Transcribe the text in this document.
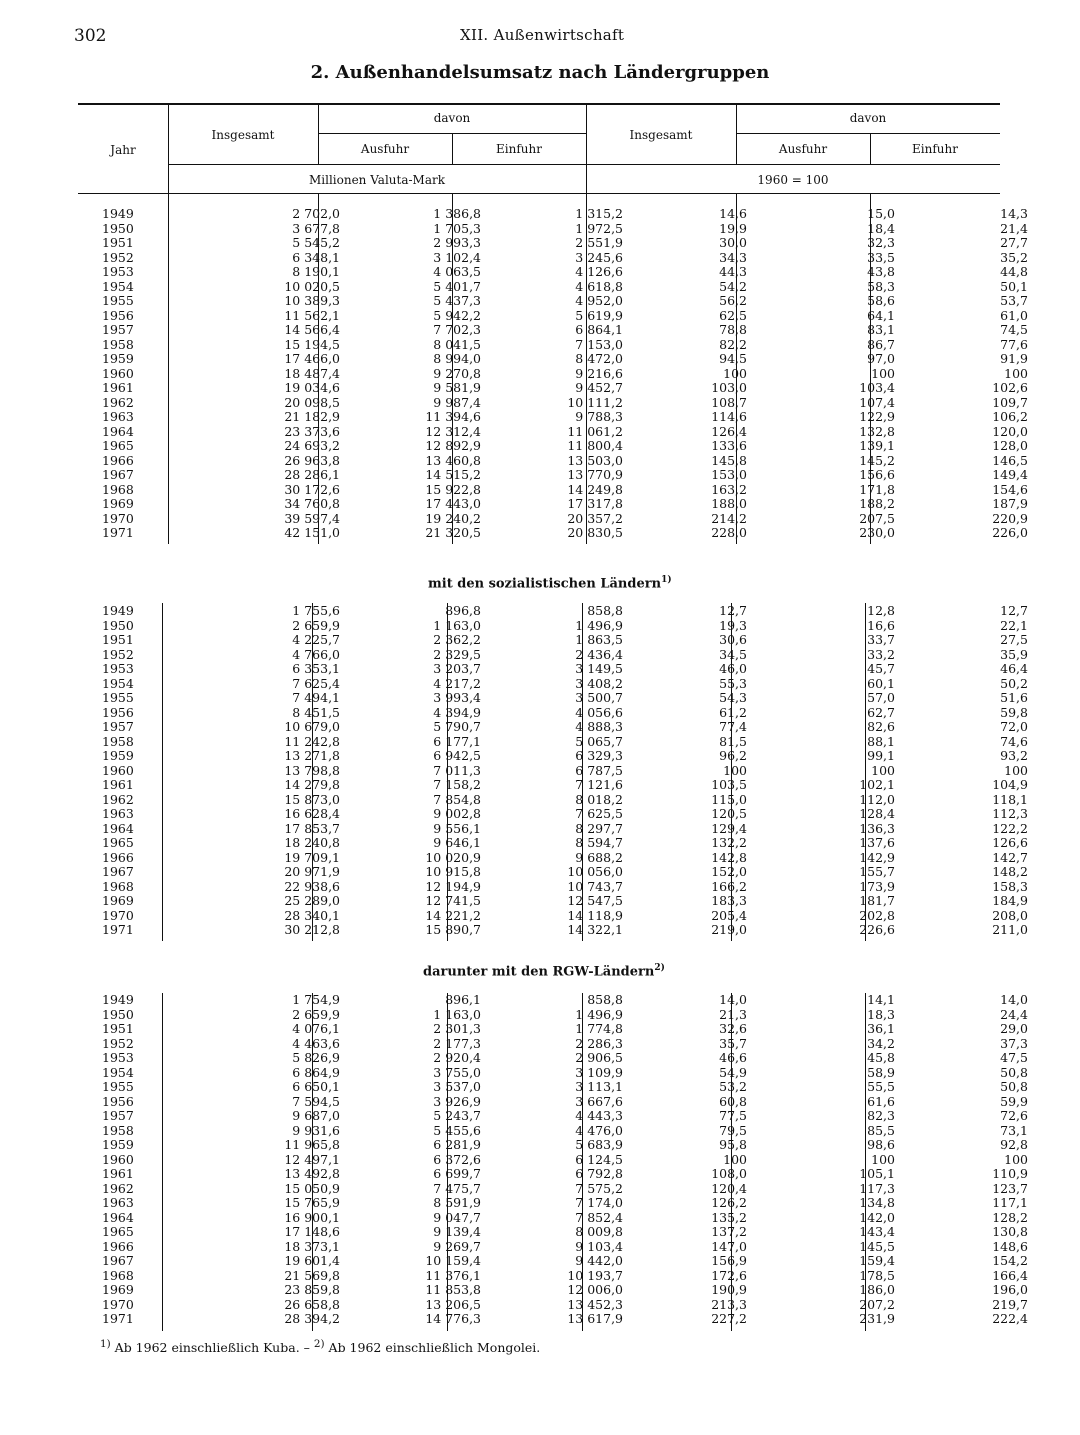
302	XII. Außenwirtschaft
2. Außenhandelsumsatz nach Ländergruppen
Jahr
Insgesamt
davon
Ausfuhr	Einfuhr
Insgesamt
davon
Ausfuhr	Einfuhr
Millionen Valuta-Mark	1960 = 100
mit den sozialistischen Ländern$^{1)}$
darunter mit den RGW-Ländern$^{2)}$
1949	2 702,0	1 386,8	1 315,2	14,6	15,0	14,3
1950	3 677,8	1 705,3	1 972,5	19,9	18,4	21,4
1951	5 545,2	2 993,3	2 551,9	30,0	32,3	27,7
1952	6 348,1	3 102,4	3 245,6	34,3	33,5	35,2
1953	8 190,1	4 063,5	4 126,6	44,3	43,8	44,8
1954	10 020,5	5 401,7	4 618,8	54,2	58,3	50,1
1955	10 389,3	5 437,3	4 952,0	56,2	58,6	53,7
1956	11 562,1	5 942,2	5 619,9	62,5	64,1	61,0
1957	14 566,4	7 702,3	6 864,1	78,8	83,1	74,5
1958	15 194,5	8 041,5	7 153,0	82,2	86,7	77,6
1959	17 466,0	8 994,0	8 472,0	94,5	97,0	91,9
1960	18 487,4	9 270,8	9 216,6	100	100	100
1961	19 034,6	9 581,9	9 452,7	103,0	103,4	102,6
1962	20 098,5	9 987,4	10 111,2	108,7	107,4	109,7
1963	21 182,9	11 394,6	9 788,3	114,6	122,9	106,2
1964	23 373,6	12 312,4	11 061,2	126,4	132,8	120,0
1965	24 693,2	12 892,9	11 800,4	133,6	139,1	128,0
1966	26 963,8	13 460,8	13 503,0	145,8	145,2	146,5
1967	28 286,1	14 515,2	13 770,9	153,0	156,6	149,4
1968	30 172,6	15 922,8	14 249,8	163,2	171,8	154,6
1969	34 760,8	17 443,0	17 317,8	188,0	188,2	187,9
1970	39 597,4	19 240,2	20 357,2	214,2	207,5	220,9
1971	42 151,0	21 320,5	20 830,5	228,0	230,0	226,0
1949	1 755,6	896,8	858,8	12,7	12,8	12,7
1950	2 659,9	1 163,0	1 496,9	19,3	16,6	22,1
1951	4 225,7	2 362,2	1 863,5	30,6	33,7	27,5
1952	4 766,0	2 329,5	2 436,4	34,5	33,2	35,9
1953	6 353,1	3 203,7	3 149,5	46,0	45,7	46,4
1954	7 625,4	4 217,2	3 408,2	55,3	60,1	50,2
1955	7 494,1	3 993,4	3 500,7	54,3	57,0	51,6
1956	8 451,5	4 394,9	4 056,6	61,2	62,7	59,8
1957	10 679,0	5 790,7	4 888,3	77,4	82,6	72,0
1958	11 242,8	6 177,1	5 065,7	81,5	88,1	74,6
1959	13 271,8	6 942,5	6 329,3	96,2	99,1	93,2
1960	13 798,8	7 011,3	6 787,5	100	100	100
1961	14 279,8	7 158,2	7 121,6	103,5	102,1	104,9
1962	15 873,0	7 854,8	8 018,2	115,0	112,0	118,1
1963	16 628,4	9 002,8	7 625,5	120,5	128,4	112,3
1964	17 853,7	9 556,1	8 297,7	129,4	136,3	122,2
1965	18 240,8	9 646,1	8 594,7	132,2	137,6	126,6
1966	19 709,1	10 020,9	9 688,2	142,8	142,9	142,7
1967	20 971,9	10 915,8	10 056,0	152,0	155,7	148,2
1968	22 938,6	12 194,9	10 743,7	166,2	173,9	158,3
1969	25 289,0	12 741,5	12 547,5	183,3	181,7	184,9
1970	28 340,1	14 221,2	14 118,9	205,4	202,8	208,0
1971	30 212,8	15 890,7	14 322,1	219,0	226,6	211,0
1949	1 754,9	896,1	858,8	14,0	14,1	14,0
1950	2 659,9	1 163,0	1 496,9	21,3	18,3	24,4
1951	4 076,1	2 301,3	1 774,8	32,6	36,1	29,0
1952	4 463,6	2 177,3	2 286,3	35,7	34,2	37,3
1953	5 826,9	2 920,4	2 906,5	46,6	45,8	47,5
1954	6 864,9	3 755,0	3 109,9	54,9	58,9	50,8
1955	6 650,1	3 537,0	3 113,1	53,2	55,5	50,8
1956	7 594,5	3 926,9	3 667,6	60,8	61,6	59,9
1957	9 687,0	5 243,7	4 443,3	77,5	82,3	72,6
1958	9 931,6	5 455,6	4 476,0	79,5	85,5	73,1
1959	11 965,8	6 281,9	5 683,9	95,8	98,6	92,8
1960	12 497,1	6 372,6	6 124,5	100	100	100
1961	13 492,8	6 699,7	6 792,8	108,0	105,1	110,9
1962	15 050,9	7 475,7	7 575,2	120,4	117,3	123,7
1963	15 765,9	8 591,9	7 174,0	126,2	134,8	117,1
1964	16 900,1	9 047,7	7 852,4	135,2	142,0	128,2
1965	17 148,6	9 139,4	8 009,8	137,2	143,4	130,8
1966	18 373,1	9 269,7	9 103,4	147,0	145,5	148,6
1967	19 601,4	10 159,4	9 442,0	156,9	159,4	154,2
1968	21 569,8	11 376,1	10 193,7	172,6	178,5	166,4
1969	23 859,8	11 853,8	12 006,0	190,9	186,0	196,0
1970	26 658,8	13 206,5	13 452,3	213,3	207,2	219,7
1971	28 394,2	14 776,3	13 617,9	227,2	231,9	222,4
$^{1)}$ Ab 1962 einschließlich Kuba. – $^{2)}$ Ab 1962 einschließlich Mongolei.
